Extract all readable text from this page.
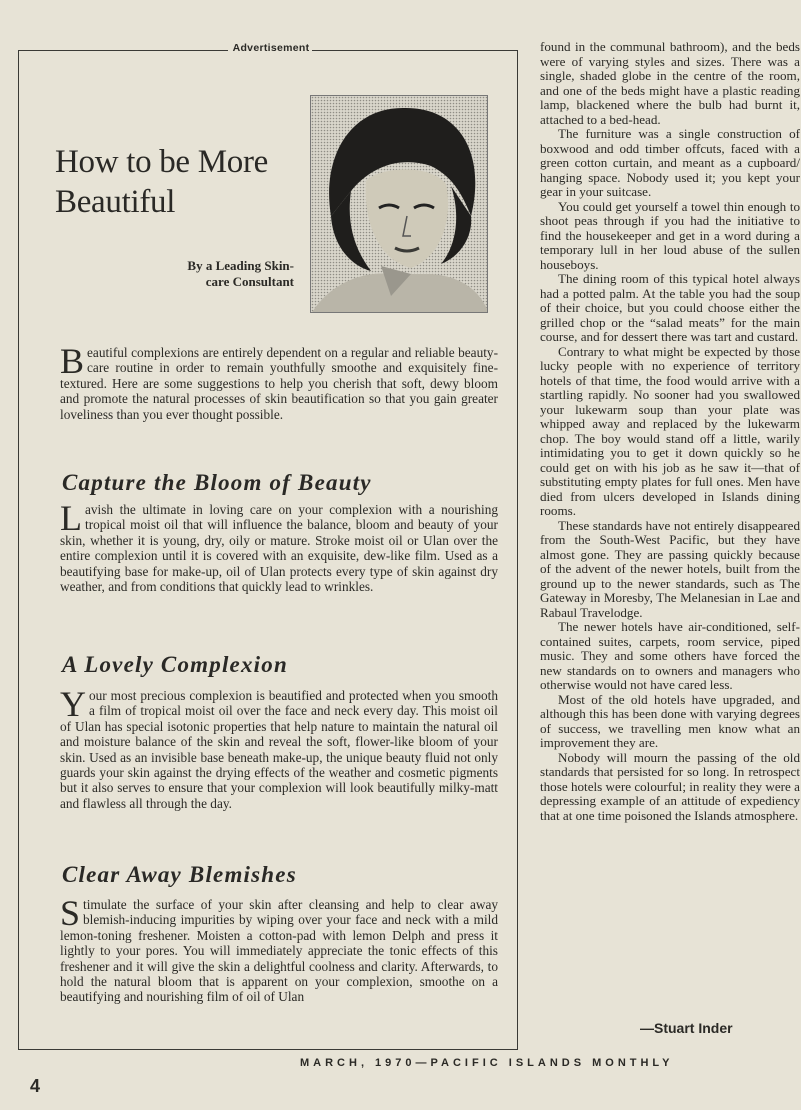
Advertisement
How to be More Beautiful
By a Leading Skin-care Consultant

Beautiful complexions are entirely dependent on a regular and reliable beauty-care routine in order to remain youthfully smoothe and exquisitely fine-textured. Here are some suggestions to help you cherish that soft, dewy bloom and promote the natural processes of skin beautification so that you gain greater loveliness than you ever thought possible.

Capture the Bloom of Beauty

Lavish the ultimate in loving care on your complexion with a nourishing tropical moist oil that will influence the balance, bloom and beauty of your skin, whether it is young, dry, oily or mature. Stroke moist oil or Ulan over the entire complexion until it is covered with an exquisite, dew-like film. Used as a beautifying base for make-up, oil of Ulan protects every type of skin against dry weather, and from conditions that quickly lead to wrinkles.

A Lovely Complexion

Your most precious complexion is beautified and protected when you smooth a film of tropical moist oil over the face and neck every day. This moist oil of Ulan has special isotonic properties that help nature to maintain the natural oil and moisture balance of the skin and reveal the soft, flower-like bloom of your skin. Used as an invisible base beneath make-up, the unique beauty fluid not only guards your skin against the drying effects of the weather and cosmetic pigments but it also serves to ensure that your complexion will look beautifully milky-matt and flawless all through the day.

Clear Away Blemishes

Stimulate the surface of your skin after cleansing and help to clear away blemish-inducing impurities by wiping over your face and neck with a mild lemon-toning freshener. Moisten a cotton-pad with lemon Delph and press it lightly to your pores. You will immediately appreciate the tonic effects of this freshener and it will give the skin a delightful coolness and clarity. Afterwards, to hold the natural bloom that is apparent on your complexion, smoothe on a beautifying and nourishing film of oil of Ulan

found in the communal bathroom), and the beds were of varying styles and sizes. There was a single, shaded globe in the centre of the room, and one of the beds might have a plastic reading lamp, blackened where the bulb had burnt it, attached to a bed-head.

The furniture was a single construction of boxwood and odd timber offcuts, faced with a green cotton curtain, and meant as a cupboard/ hanging space. Nobody used it; you kept your gear in your suitcase.

You could get yourself a towel thin enough to shoot peas through if you had the initiative to find the housekeeper and get in a word during a temporary lull in her loud abuse of the sullen houseboys.

The dining room of this typical hotel always had a potted palm. At the table you had the soup of their choice, but you could choose either the grilled chop or the “salad meats” for the main course, and for dessert there was tart and custard.

Contrary to what might be expected by those lucky people with no experience of territory hotels of that time, the food would arrive with a startling rapidly. No sooner had you swallowed your lukewarm soup than your plate was whipped away and replaced by the lukewarm chop. The boy would stand off a little, warily intimidating you to get it down quickly so he could get on with his job as he saw it—that of substituting empty plates for full ones. Men have died from ulcers developed in Islands dining rooms.

These standards have not entirely disappeared from the South-West Pacific, but they have almost gone. They are passing quickly because of the advent of the newer hotels, built from the ground up to the newer standards, such as The Gateway in Moresby, The Melanesian in Lae and Rabaul Travelodge.

The newer hotels have air-conditioned, self-contained suites, carpets, room service, piped music. They and some others have forced the new standards on to owners and managers who otherwise would not have cared less.

Most of the old hotels have upgraded, and although this has been done with varying degrees of success, we travelling men know what an improvement they are.

Nobody will mourn the passing of the old standards that persisted for so long. In retrospect those hotels were colourful; in reality they were a depressing example of an attitude of expediency that at one time poisoned the Islands atmosphere.

—Stuart Inder
MARCH, 1970—PACIFIC ISLANDS MONTHLY
4
